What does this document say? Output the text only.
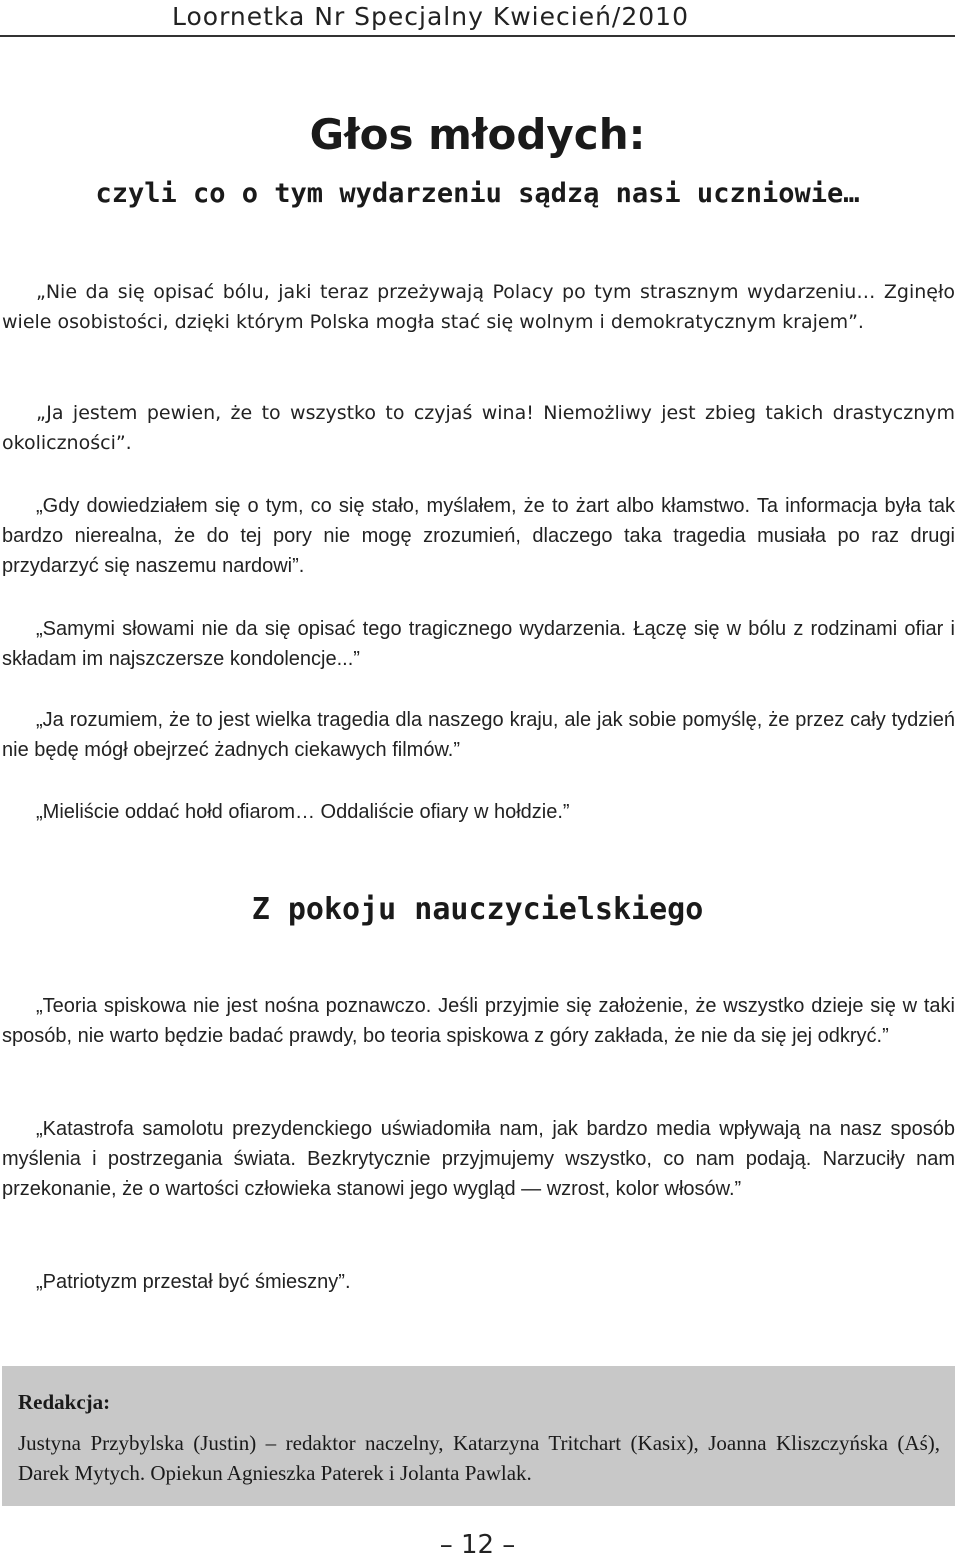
Loornetka Nr Specjalny Kwiecień/2010
Głos młodych:
czyli co o tym wydarzeniu sądzą nasi uczniowie…

„Nie da się opisać bólu, jaki teraz przeżywają Polacy po tym strasznym wydarzeniu… Zginęło wiele osobistości, dzięki którym Polska mogła stać się wolnym i demokratycznym krajem”.

„Ja jestem pewien, że to wszystko to czyjaś wina! Niemożliwy jest zbieg takich drastycznym okoliczności”.

„Gdy dowiedziałem się o tym, co się stało, myślałem, że to żart albo kłamstwo. Ta informacja była tak bardzo nierealna, że do tej pory nie mogę zrozumień, dlaczego taka tragedia musiała po raz drugi przydarzyć się naszemu nardowi”.

„Samymi słowami nie da się opisać tego tragicznego wydarzenia. Łączę się w bólu z rodzinami ofiar i składam im najszczersze kondolencje...”

„Ja rozumiem, że to jest wielka tragedia dla naszego kraju, ale jak sobie pomyślę, że przez cały tydzień nie będę mógł obejrzeć żadnych ciekawych filmów.”

„Mieliście oddać hołd ofiarom… Oddaliście ofiary w hołdzie.”

Z pokoju nauczycielskiego

„Teoria spiskowa nie jest nośna poznawczo. Jeśli przyjmie się założenie, że wszystko dzieje się w taki sposób, nie warto będzie badać prawdy, bo teoria spiskowa z góry zakłada, że nie da się jej odkryć.”

„Katastrofa samolotu prezydenckiego uświadomiła nam, jak bardzo media wpływają na nasz sposób myślenia i postrzegania świata. Bezkrytycznie przyjmujemy wszystko, co nam podają. Narzuciły nam przekonanie, że o wartości człowieka stanowi jego wygląd — wzrost, kolor włosów.”

„Patriotyzm przestał być śmieszny”.

Redakcja:

Justyna Przybylska (Justin) – redaktor naczelny, Katarzyna Tritchart (Kasix), Joanna Kliszczyńska (Aś), Darek Mytych. Opiekun Agnieszka Paterek i Jolanta Pawlak.

– 12 –
